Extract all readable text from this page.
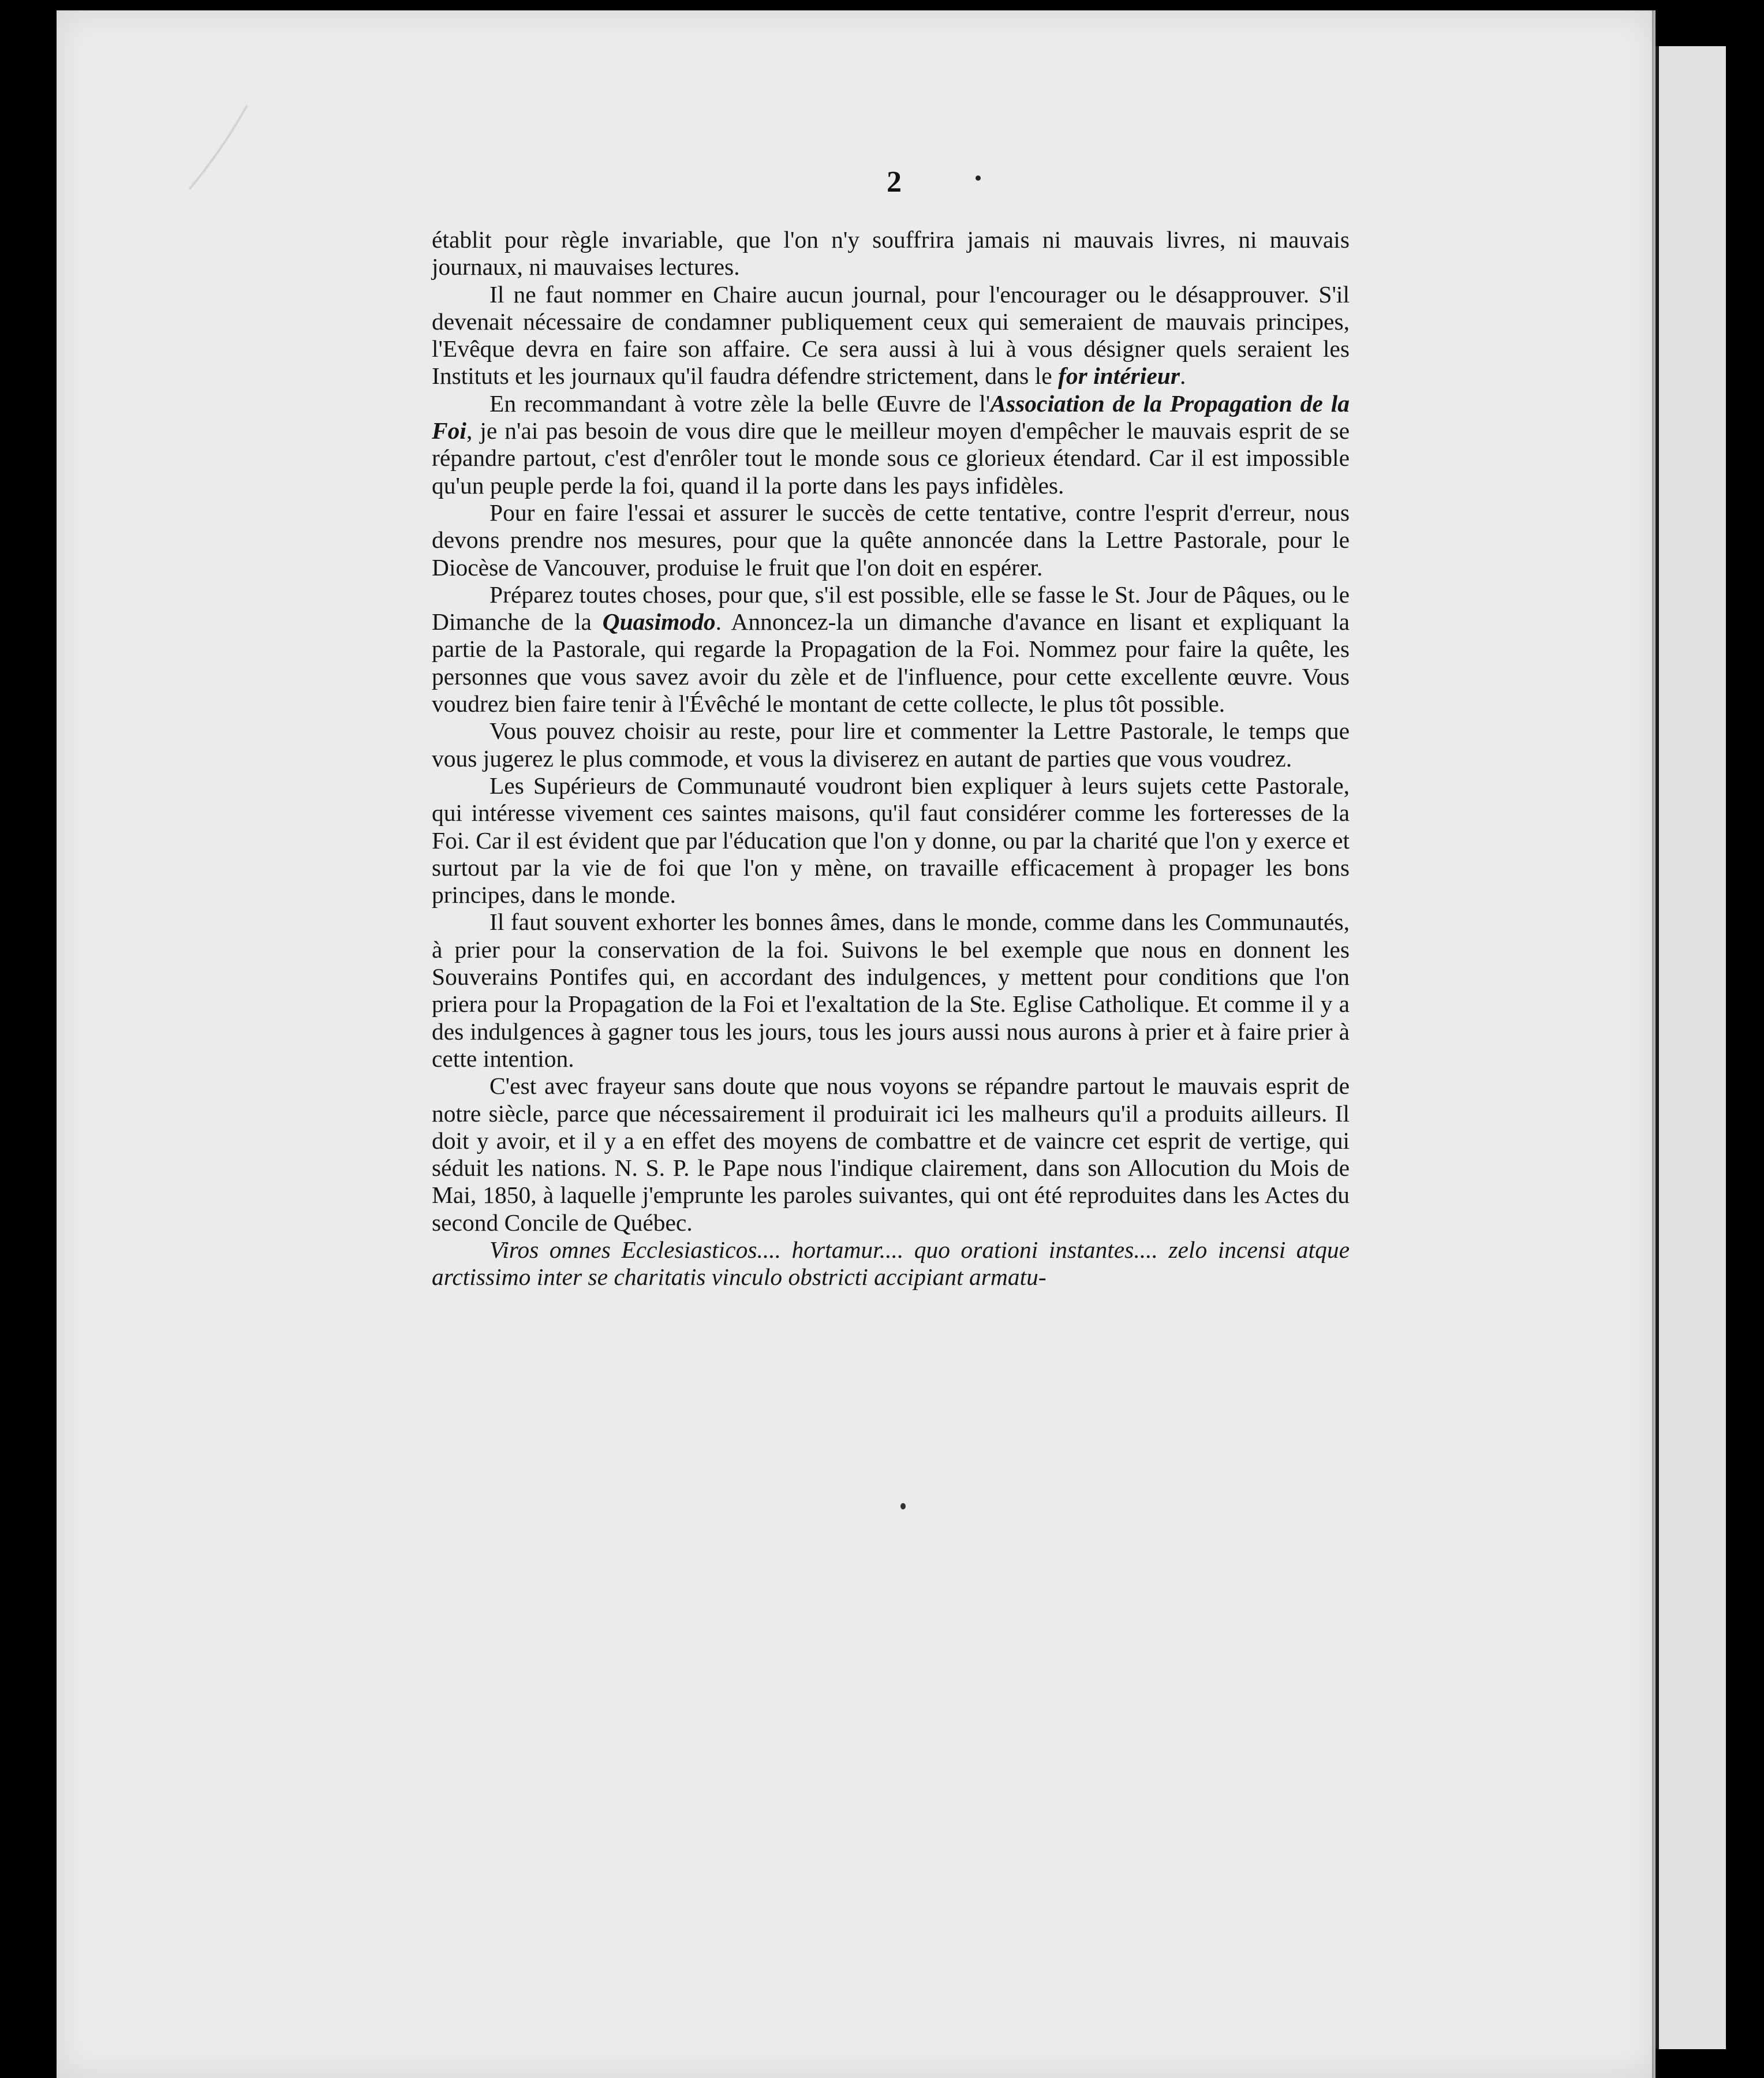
2

établit pour règle invariable, que l'on n'y souffrira jamais ni mauvais livres, ni mauvais journaux, ni mauvaises lectures.

Il ne faut nommer en Chaire aucun journal, pour l'encourager ou le désapprouver. S'il devenait nécessaire de condamner publiquement ceux qui semeraient de mauvais principes, l'Evêque devra en faire son affaire. Ce sera aussi à lui à vous désigner quels seraient les Instituts et les journaux qu'il faudra défendre strictement, dans le for intérieur.

En recommandant à votre zèle la belle Œuvre de l'Association de la Propagation de la Foi, je n'ai pas besoin de vous dire que le meilleur moyen d'empêcher le mauvais esprit de se répandre partout, c'est d'enrôler tout le monde sous ce glorieux étendard. Car il est impossible qu'un peuple perde la foi, quand il la porte dans les pays infidèles.

Pour en faire l'essai et assurer le succès de cette tentative, contre l'esprit d'erreur, nous devons prendre nos mesures, pour que la quête annoncée dans la Lettre Pastorale, pour le Diocèse de Vancouver, produise le fruit que l'on doit en espérer.

Préparez toutes choses, pour que, s'il est possible, elle se fasse le St. Jour de Pâques, ou le Dimanche de la Quasimodo. Annoncez-la un dimanche d'avance en lisant et expliquant la partie de la Pastorale, qui regarde la Propagation de la Foi. Nommez pour faire la quête, les personnes que vous savez avoir du zèle et de l'influence, pour cette excellente œuvre. Vous voudrez bien faire tenir à l'Évêché le montant de cette collecte, le plus tôt possible.

Vous pouvez choisir au reste, pour lire et commenter la Lettre Pastorale, le temps que vous jugerez le plus commode, et vous la diviserez en autant de parties que vous voudrez.

Les Supérieurs de Communauté voudront bien expliquer à leurs sujets cette Pastorale, qui intéresse vivement ces saintes maisons, qu'il faut considérer comme les forteresses de la Foi. Car il est évident que par l'éducation que l'on y donne, ou par la charité que l'on y exerce et surtout par la vie de foi que l'on y mène, on travaille efficacement à propager les bons principes, dans le monde.

Il faut souvent exhorter les bonnes âmes, dans le monde, comme dans les Communautés, à prier pour la conservation de la foi. Suivons le bel exemple que nous en donnent les Souverains Pontifes qui, en accordant des indulgences, y mettent pour conditions que l'on priera pour la Propagation de la Foi et l'exaltation de la Ste. Eglise Catholique. Et comme il y a des indulgences à gagner tous les jours, tous les jours aussi nous aurons à prier et à faire prier à cette intention.

C'est avec frayeur sans doute que nous voyons se répandre partout le mauvais esprit de notre siècle, parce que nécessairement il produirait ici les malheurs qu'il a produits ailleurs. Il doit y avoir, et il y a en effet des moyens de combattre et de vaincre cet esprit de vertige, qui séduit les nations. N. S. P. le Pape nous l'indique clairement, dans son Allocution du Mois de Mai, 1850, à laquelle j'emprunte les paroles suivantes, qui ont été reproduites dans les Actes du second Concile de Québec.

Viros omnes Ecclesiasticos.... hortamur.... quo orationi instantes.... zelo incensi atque arctissimo inter se charitatis vinculo obstricti accipiant armatu-
